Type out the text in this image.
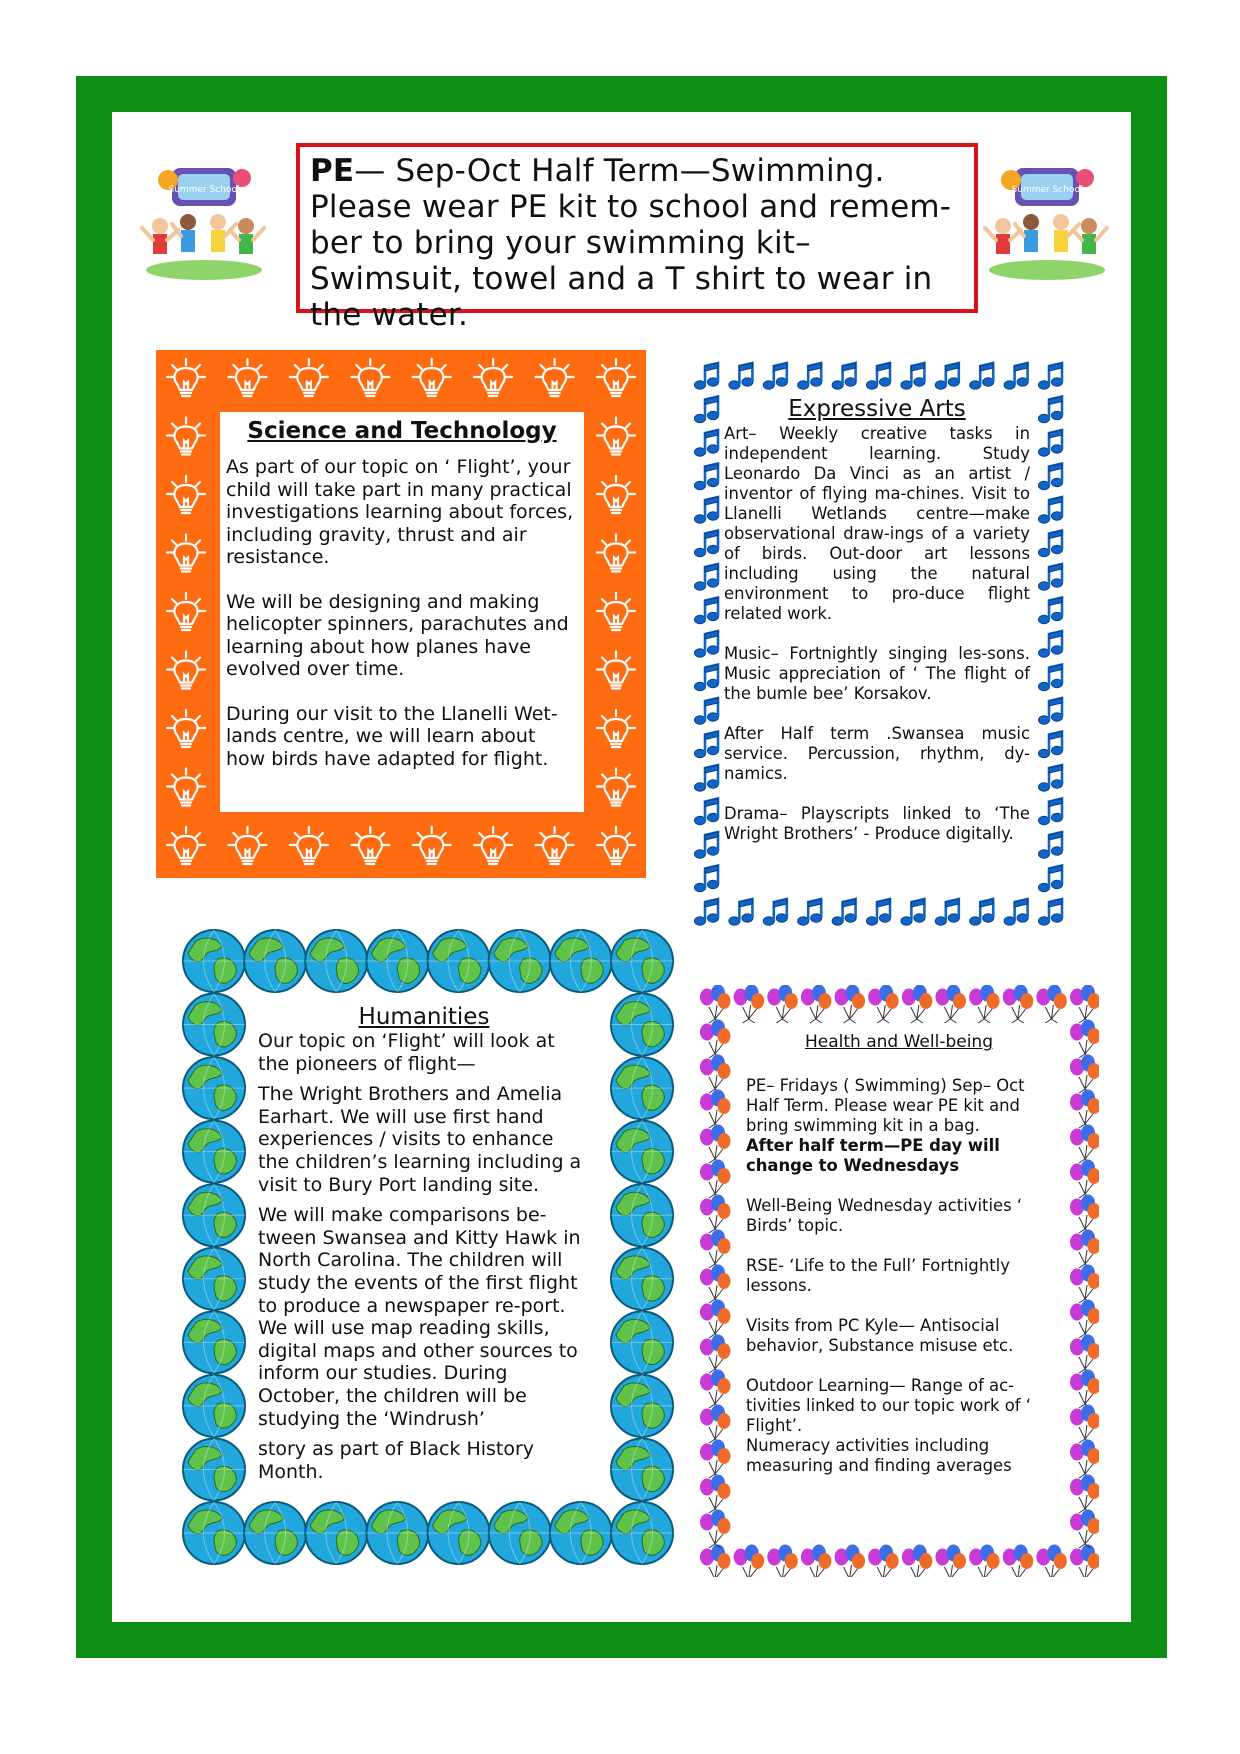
Summer School	Summer School
PE— Sep-Oct Half Term—Swimming. Please wear PE kit to school and remem-ber to bring your swimming kit– Swimsuit, towel and a T shirt to wear in the water.
Science and Technology

As part of our topic on ‘ Flight’, your child will take part in many practical investigations learning about forces, including gravity, thrust and air resistance.

We will be designing and making helicopter spinners, parachutes and learning about how planes have evolved over time.

During our visit to the Llanelli Wet-lands centre, we will learn about how birds have adapted for flight.

Expressive Arts

Art– Weekly creative tasks in independent learning. Study Leonardo Da Vinci as an artist / inventor of flying ma-chines. Visit to Llanelli Wetlands centre—make observational draw-ings of a variety of birds. Out-door art lessons including using the natural environment to pro-duce flight related work.

Music– Fortnightly singing les-sons. Music appreciation of ‘ The flight of the bumle bee’ Korsakov.

After Half term .Swansea music service. Percussion, rhythm, dy-namics.

Drama– Playscripts linked to ‘The Wright Brothers’ - Produce digitally.

Humanities

Our topic on ‘Flight’ will look at the pioneers of flight—

The Wright Brothers and Amelia Earhart. We will use first hand experiences / visits to enhance the children’s learning including a visit to Bury Port landing site.

We will make comparisons be-tween Swansea and Kitty Hawk in North Carolina. The children will study the events of the first flight to produce a newspaper re-port. We will use map reading skills, digital maps and other sources to inform our studies. During October, the children will be studying the ‘Windrush’

story as part of Black History Month.

Health and Well-being

PE– Fridays ( Swimming) Sep– Oct Half Term. Please wear PE kit and bring swimming kit in a bag.

After half term—PE day will change to Wednesdays

Well-Being Wednesday activities ‘ Birds’ topic.

RSE- ‘Life to the Full’ Fortnightly lessons.

Visits from PC Kyle— Antisocial behavior, Substance misuse etc.

Outdoor Learning— Range of ac-tivities linked to our topic work of ‘ Flight’.

Numeracy activities including measuring and finding averages
